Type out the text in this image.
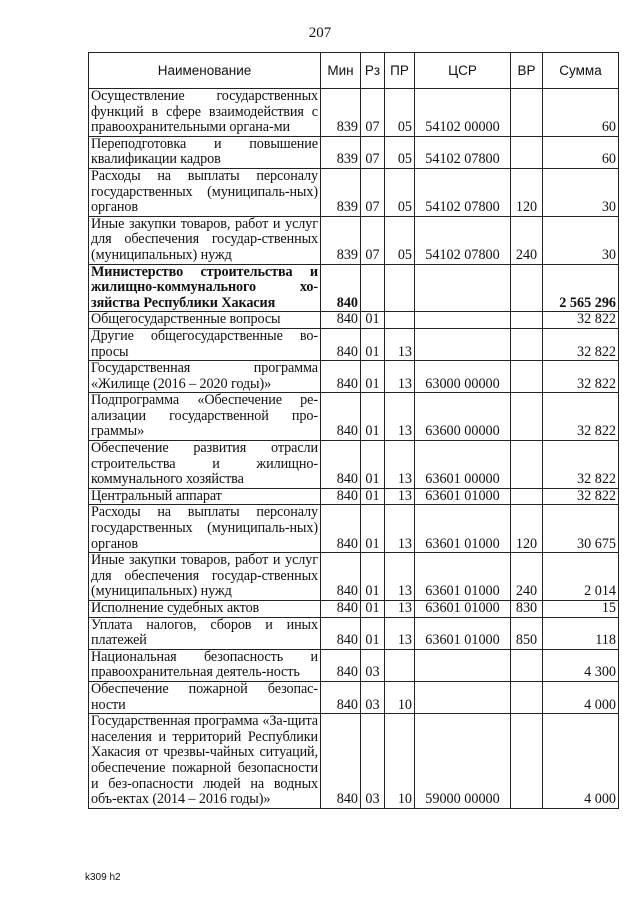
207
Наименование	Мин	Рз	ПР	ЦСР	ВР	Сумма
Осуществление государственных функций в сфере взаимодействия с правоохранительными органа-ми	839	07	05	54102 00000		60
Переподготовка и повышение квалификации кадров	839	07	05	54102 07800		60
Расходы на выплаты персоналу государственных (муниципаль-ных) органов	839	07	05	54102 07800	120	30
Иные закупки товаров, работ и услуг для обеспечения государ-ственных (муниципальных) нужд	839	07	05	54102 07800	240	30
Министерство строительства и жилищно-коммунального хо-зяйства Республики Хакасия	840					2 565 296
Общегосударственные вопросы	840	01				32 822
Другие общегосударственные во-просы	840	01	13			32 822
Государственная программа «Жилище (2016 – 2020 годы)»	840	01	13	63000 00000		32 822
Подпрограмма «Обеспечение ре-ализации государственной про-граммы»	840	01	13	63600 00000		32 822
Обеспечение развития отрасли строительства и жилищно-коммунального хозяйства	840	01	13	63601 00000		32 822
Центральный аппарат	840	01	13	63601 01000		32 822
Расходы на выплаты персоналу государственных (муниципаль-ных) органов	840	01	13	63601 01000	120	30 675
Иные закупки товаров, работ и услуг для обеспечения государ-ственных (муниципальных) нужд	840	01	13	63601 01000	240	2 014
Исполнение судебных актов	840	01	13	63601 01000	830	15
Уплата налогов, сборов и иных платежей	840	01	13	63601 01000	850	118
Национальная безопасность и правоохранительная деятель-ность	840	03				4 300
Обеспечение пожарной безопас-ности	840	03	10			4 000
Государственная программа «За-щита населения и территорий Республики Хакасия от чрезвы-чайных ситуаций, обеспечение пожарной безопасности и без-опасности людей на водных объ-ектах (2014 – 2016 годы)»	840	03	10	59000 00000		4 000
k309 h2
